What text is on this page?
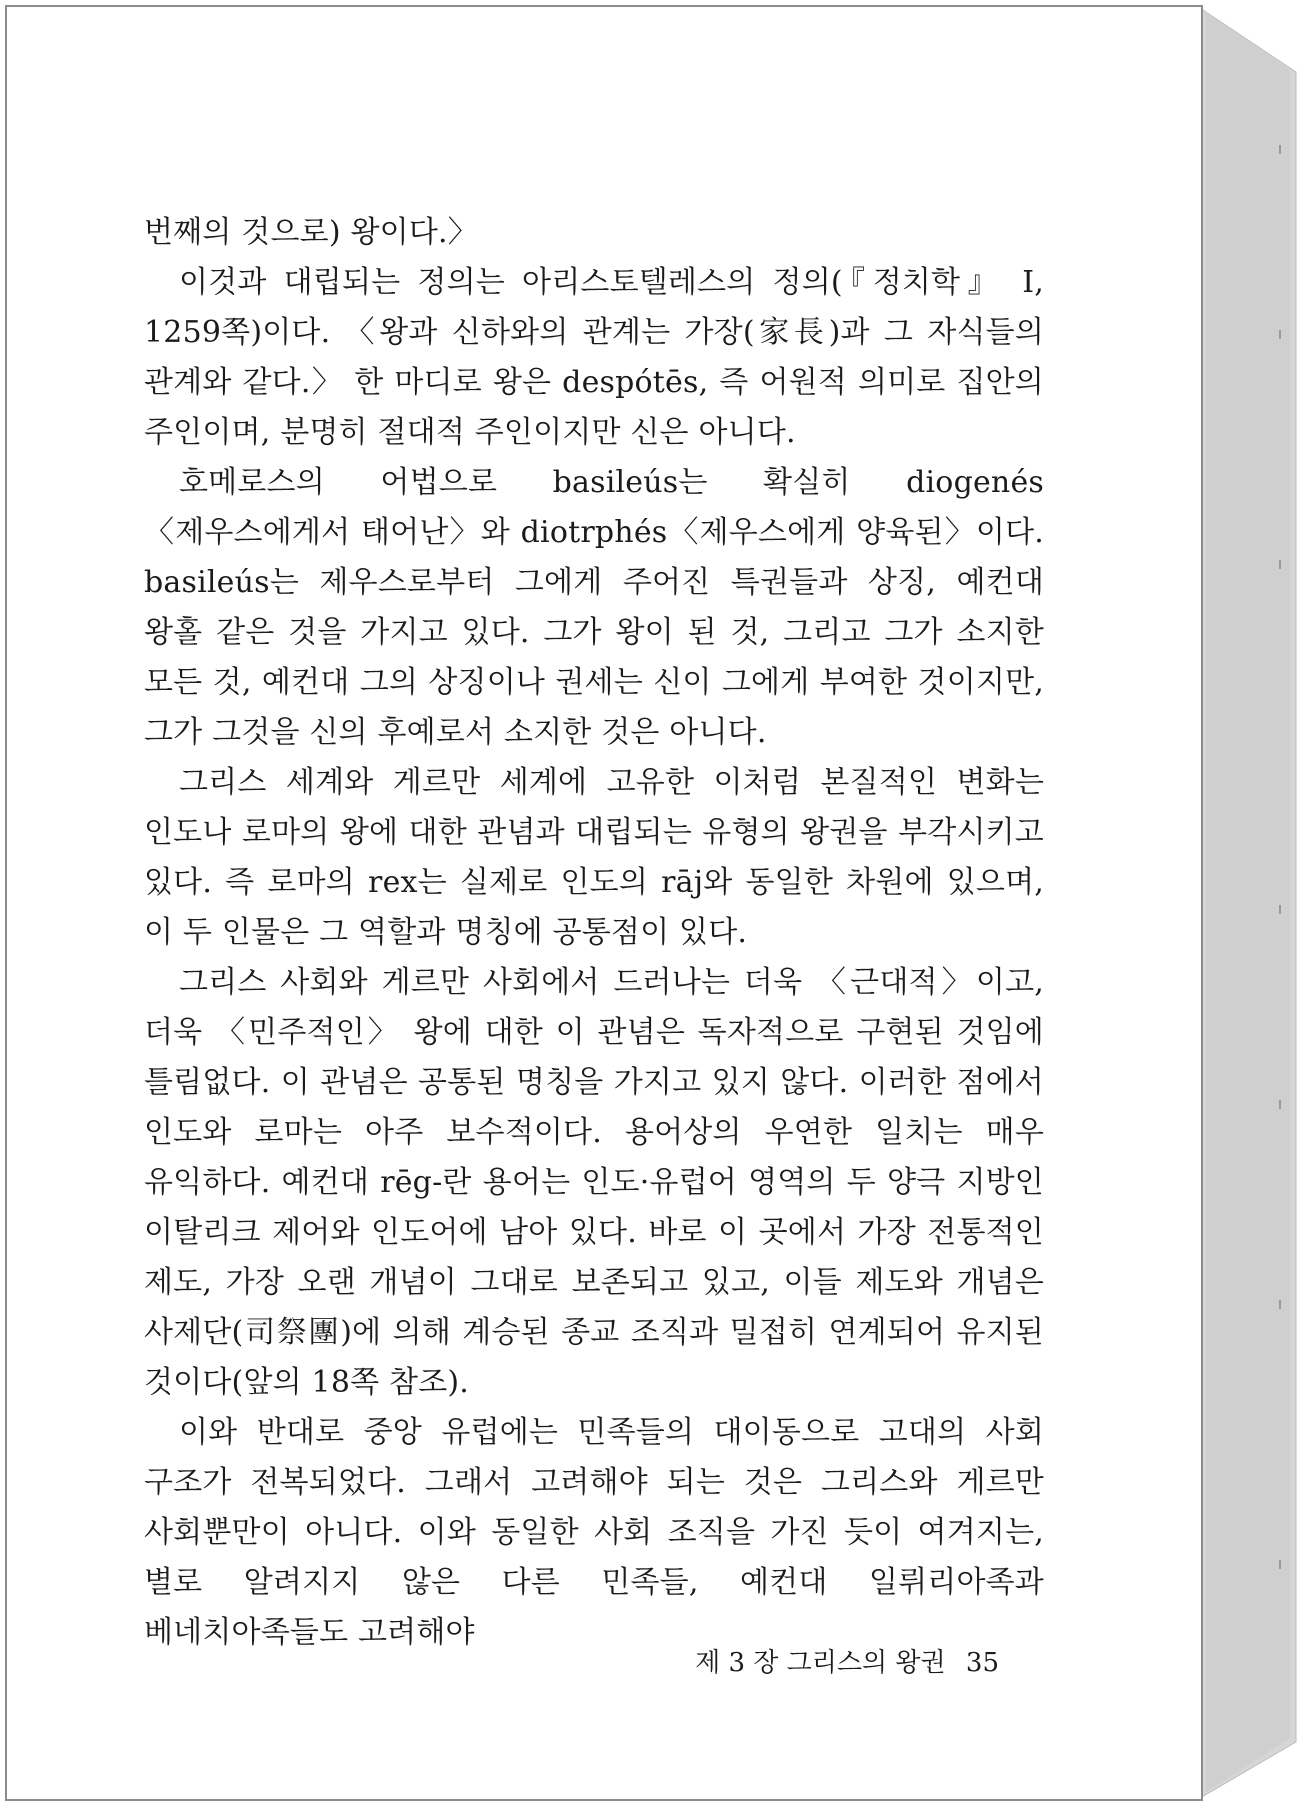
번째의 것으로) 왕이다.〉

이것과 대립되는 정의는 아리스토텔레스의 정의(『정치학』 I, 1259쪽)이다. 〈왕과 신하와의 관계는 가장(家長)과 그 자식들의 관계와 같다.〉 한 마디로 왕은 despótēs, 즉 어원적 의미로 집안의 주인이며, 분명히 절대적 주인이지만 신은 아니다.

호메로스의 어법으로 basileús는 확실히 diogenés〈제우스에게서 태어난〉와 diotrphés〈제우스에게 양육된〉이다. basileús는 제우스로부터 그에게 주어진 특권들과 상징, 예컨대 왕홀 같은 것을 가지고 있다. 그가 왕이 된 것, 그리고 그가 소지한 모든 것, 예컨대 그의 상징이나 권세는 신이 그에게 부여한 것이지만, 그가 그것을 신의 후예로서 소지한 것은 아니다.

그리스 세계와 게르만 세계에 고유한 이처럼 본질적인 변화는 인도나 로마의 왕에 대한 관념과 대립되는 유형의 왕권을 부각시키고 있다. 즉 로마의 rex는 실제로 인도의 rāj와 동일한 차원에 있으며, 이 두 인물은 그 역할과 명칭에 공통점이 있다.

그리스 사회와 게르만 사회에서 드러나는 더욱 〈근대적〉이고, 더욱 〈민주적인〉 왕에 대한 이 관념은 독자적으로 구현된 것임에 틀림없다. 이 관념은 공통된 명칭을 가지고 있지 않다. 이러한 점에서 인도와 로마는 아주 보수적이다. 용어상의 우연한 일치는 매우 유익하다. 예컨대 rēg-란 용어는 인도·유럽어 영역의 두 양극 지방인 이탈리크 제어와 인도어에 남아 있다. 바로 이 곳에서 가장 전통적인 제도, 가장 오랜 개념이 그대로 보존되고 있고, 이들 제도와 개념은 사제단(司祭團)에 의해 계승된 종교 조직과 밀접히 연계되어 유지된 것이다(앞의 18쪽 참조).

이와 반대로 중앙 유럽에는 민족들의 대이동으로 고대의 사회 구조가 전복되었다. 그래서 고려해야 되는 것은 그리스와 게르만 사회뿐만이 아니다. 이와 동일한 사회 조직을 가진 듯이 여겨지는, 별로 알려지지 않은 다른 민족들, 예컨대 일뤼리아족과 베네치아족들도 고려해야

제 3 장 그리스의 왕권 35
